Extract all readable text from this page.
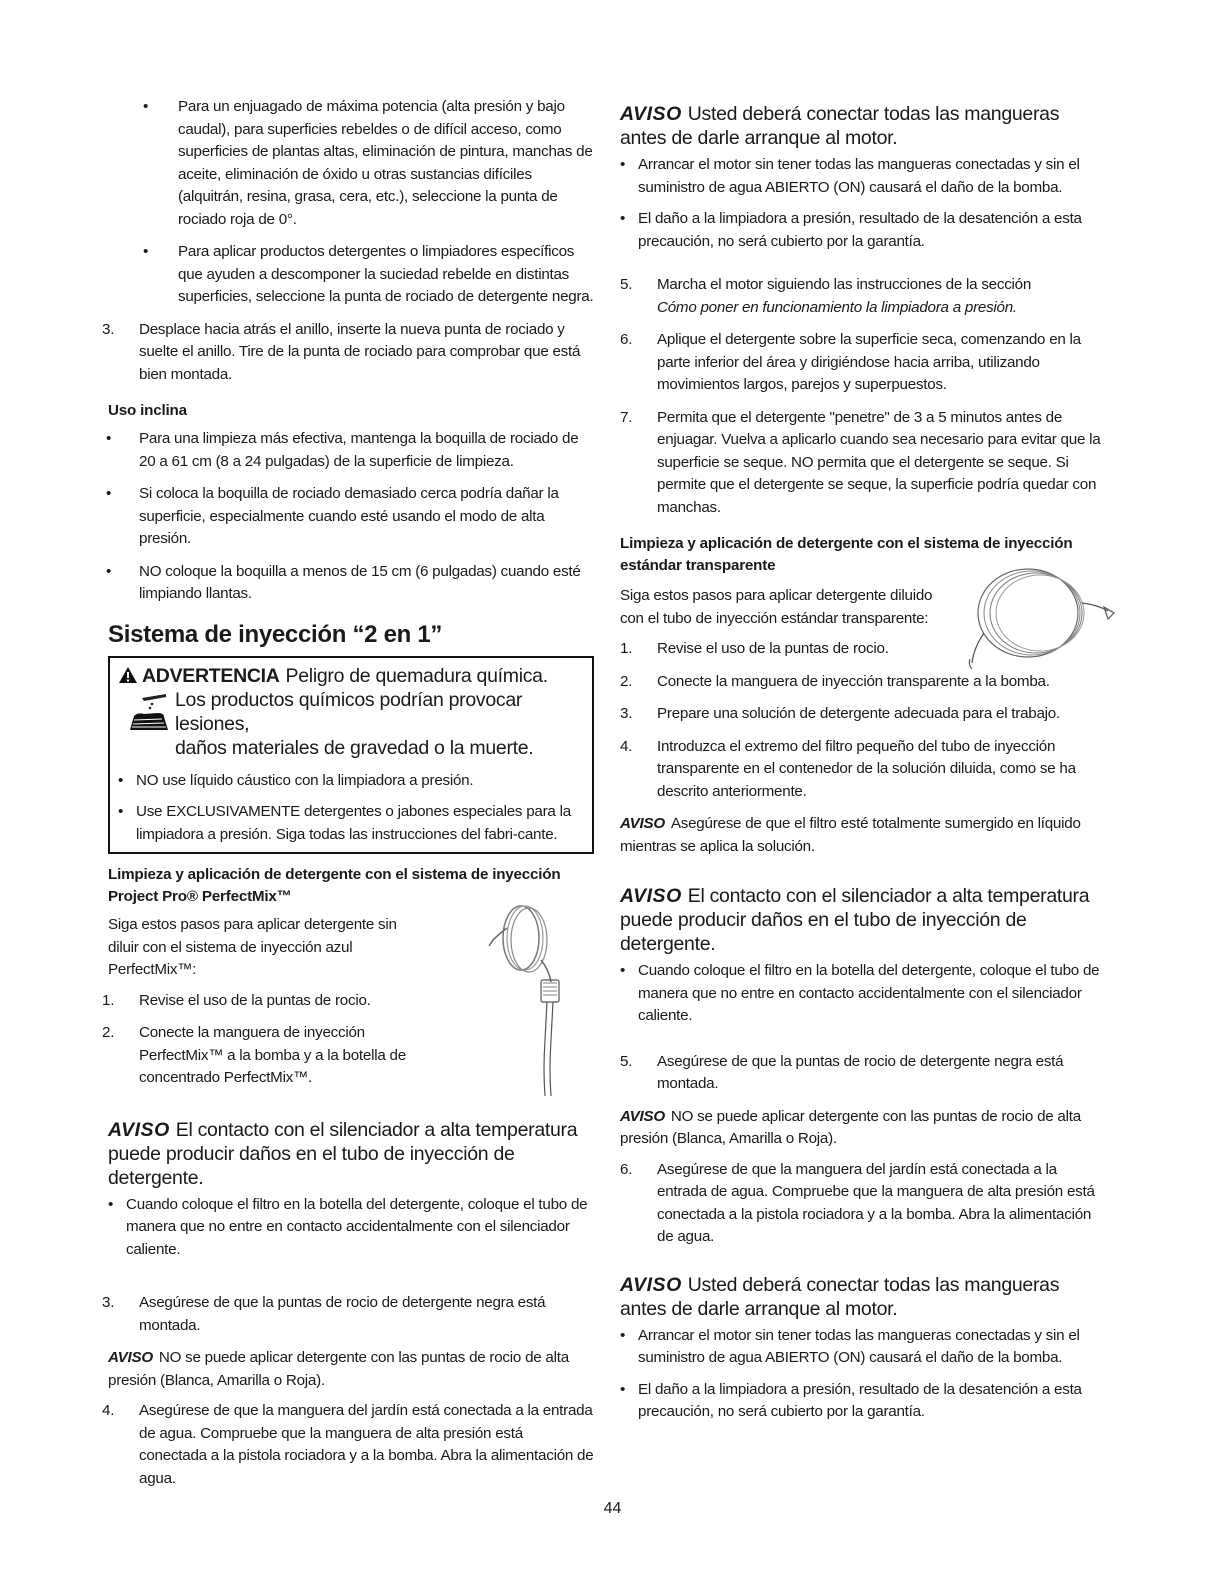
• Para un enjuagado de máxima potencia (alta presión y bajo caudal), para superficies rebeldes o de difícil acceso, como superficies de plantas altas, eliminación de pintura, manchas de aceite, eliminación de óxido u otras sustancias difíciles (alquitrán, resina, grasa, cera, etc.), seleccione la punta de rociado roja de 0°.
• Para aplicar productos detergentes o limpiadores específicos que ayuden a descomponer la suciedad rebelde en distintas superficies, seleccione la punta de rociado de detergente negra.
3. Desplace hacia atrás el anillo, inserte la nueva punta de rociado y suelte el anillo. Tire de la punta de rociado para comprobar que está bien montada.
Uso inclina
• Para una limpieza más efectiva, mantenga la boquilla de rociado de 20 a 61 cm (8 a 24 pulgadas) de la superficie de limpieza.
• Si coloca la boquilla de rociado demasiado cerca podría dañar la superficie, especialmente cuando esté usando el modo de alta presión.
• NO coloque la boquilla a menos de 15 cm (6 pulgadas) cuando esté limpiando llantas.
Sistema de inyección “2 en 1”
ADVERTENCIA Peligro de quemadura química.
Los productos químicos podrían provocar lesiones,
daños materiales de gravedad o la muerte.
• NO use líquido cáustico con la limpiadora a presión.
• Use EXCLUSIVAMENTE detergentes o jabones especiales para la limpiadora a presión. Siga todas las instrucciones del fabri-cante.
Limpieza y aplicación de detergente con el sistema de inyección Project Pro® PerfectMix™
Siga estos pasos para aplicar detergente sin diluir con el sistema de inyección azul PerfectMix™:
1. Revise el uso de la puntas de rocio.
2. Conecte la manguera de inyección PerfectMix™ a la bomba y a la botella de concentrado PerfectMix™.
AVISO El contacto con el silenciador a alta temperatura puede producir daños en el tubo de inyección de detergente.
• Cuando coloque el filtro en la botella del detergente, coloque el tubo de manera que no entre en contacto accidentalmente con el silenciador caliente.
3. Asegúrese de que la puntas de rocio de detergente negra está montada.
AVISO NO se puede aplicar detergente con las puntas de rocio de alta presión (Blanca, Amarilla o Roja).
4. Asegúrese de que la manguera del jardín está conectada a la entrada de agua. Compruebe que la manguera de alta presión está conectada a la pistola rociadora y a la bomba. Abra la alimentación de agua.
AVISO Usted deberá conectar todas las mangueras antes de darle arranque al motor.
• Arrancar el motor sin tener todas las mangueras conectadas y sin el suministro de agua ABIERTO (ON) causará el daño de la bomba.
• El daño a la limpiadora a presión, resultado de la desatención a esta precaución, no será cubierto por la garantía.
5. Marcha el motor siguiendo las instrucciones de la sección
Cómo poner en funcionamiento la limpiadora a presión.
6. Aplique el detergente sobre la superficie seca, comenzando en la parte inferior del área y dirigiéndose hacia arriba, utilizando movimientos largos, parejos y superpuestos.
7. Permita que el detergente "penetre" de 3 a 5 minutos antes de enjuagar. Vuelva a aplicarlo cuando sea necesario para evitar que la superficie se seque. NO permita que el detergente se seque. Si permite que el detergente se seque, la superficie podría quedar con manchas.
Limpieza y aplicación de detergente con el sistema de inyección estándar transparente
Siga estos pasos para aplicar detergente diluido con el tubo de inyección estándar transparente:
1. Revise el uso de la puntas de rocio.
2. Conecte la manguera de inyección transparente a la bomba.
3. Prepare una solución de detergente adecuada para el trabajo.
4. Introduzca el extremo del filtro pequeño del tubo de inyección transparente en el contenedor de la solución diluida, como se ha descrito anteriormente.
AVISO Asegúrese de que el filtro esté totalmente sumergido en líquido mientras se aplica la solución.
AVISO El contacto con el silenciador a alta temperatura puede producir daños en el tubo de inyección de detergente.
• Cuando coloque el filtro en la botella del detergente, coloque el tubo de manera que no entre en contacto accidentalmente con el silenciador caliente.
5. Asegúrese de que la puntas de rocio de detergente negra está montada.
AVISO NO se puede aplicar detergente con las puntas de rocio de alta presión (Blanca, Amarilla o Roja).
6. Asegúrese de que la manguera del jardín está conectada a la entrada de agua. Compruebe que la manguera de alta presión está conectada a la pistola rociadora y a la bomba. Abra la alimentación de agua.
AVISO Usted deberá conectar todas las mangueras antes de darle arranque al motor.
• Arrancar el motor sin tener todas las mangueras conectadas y sin el suministro de agua ABIERTO (ON) causará el daño de la bomba.
• El daño a la limpiadora a presión, resultado de la desatención a esta precaución, no será cubierto por la garantía.
44
